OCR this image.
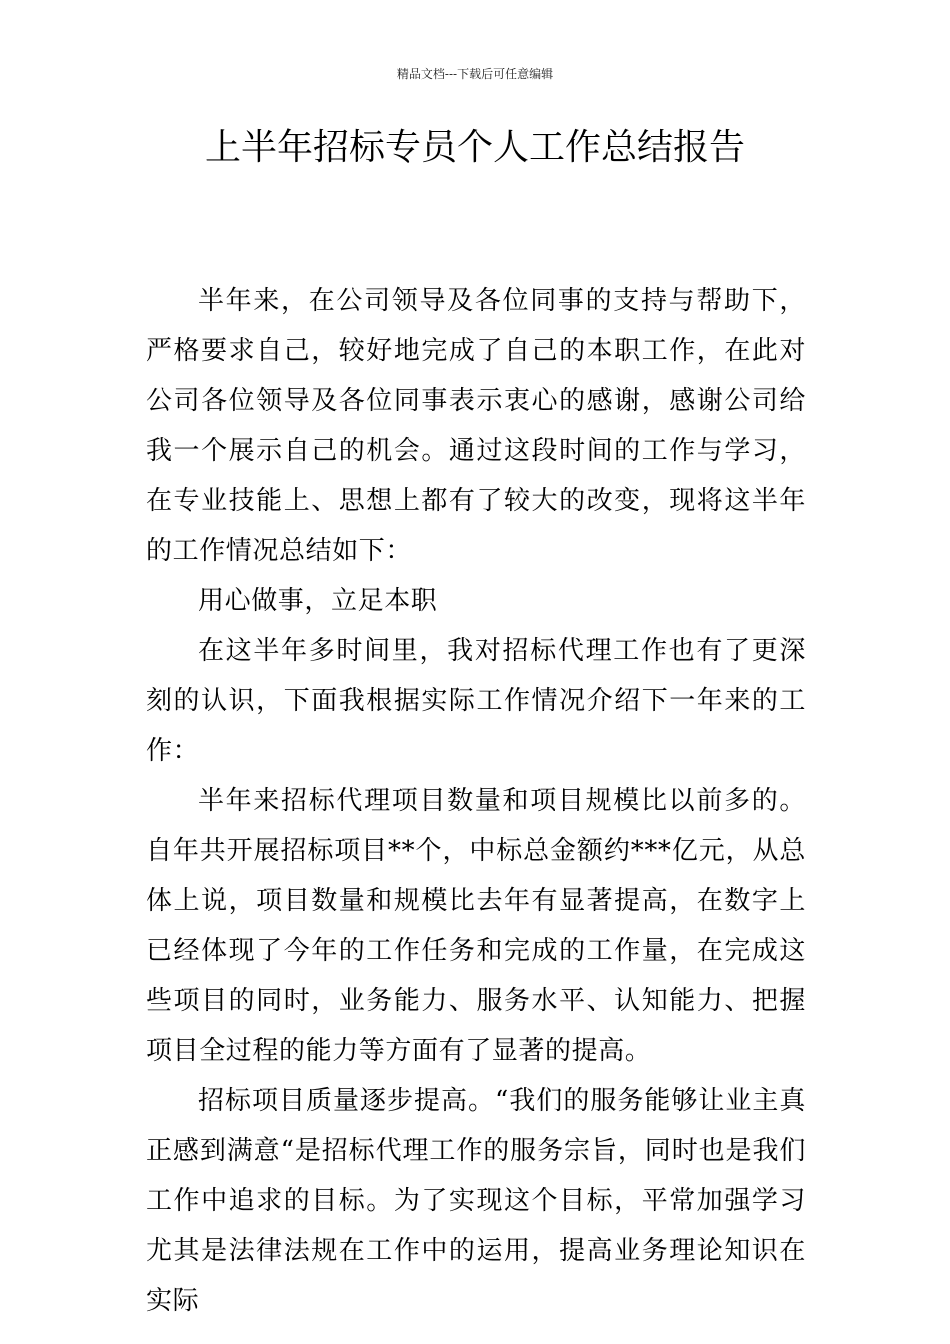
精品文档---下载后可任意编辑
上半年招标专员个人工作总结报告

半年来，在公司领导及各位同事的支持与帮助下，严格要求自己，较好地完成了自己的本职工作，在此对公司各位领导及各位同事表示衷心的感谢，感谢公司给我一个展示自己的机会。通过这段时间的工作与学习，在专业技能上、思想上都有了较大的改变，现将这半年的工作情况总结如下：

用心做事，立足本职

在这半年多时间里，我对招标代理工作也有了更深刻的认识，下面我根据实际工作情况介绍下一年来的工作：

半年来招标代理项目数量和项目规模比以前多的。自年共开展招标项目**个，中标总金额约***亿元，从总体上说，项目数量和规模比去年有显著提高，在数字上已经体现了今年的工作任务和完成的工作量，在完成这些项目的同时，业务能力、服务水平、认知能力、把握项目全过程的能力等方面有了显著的提高。

招标项目质量逐步提高。“我们的服务能够让业主真正感到满意“是招标代理工作的服务宗旨，同时也是我们工作中追求的目标。为了实现这个目标，平常加强学习尤其是法律法规在工作中的运用，提高业务理论知识在实际
